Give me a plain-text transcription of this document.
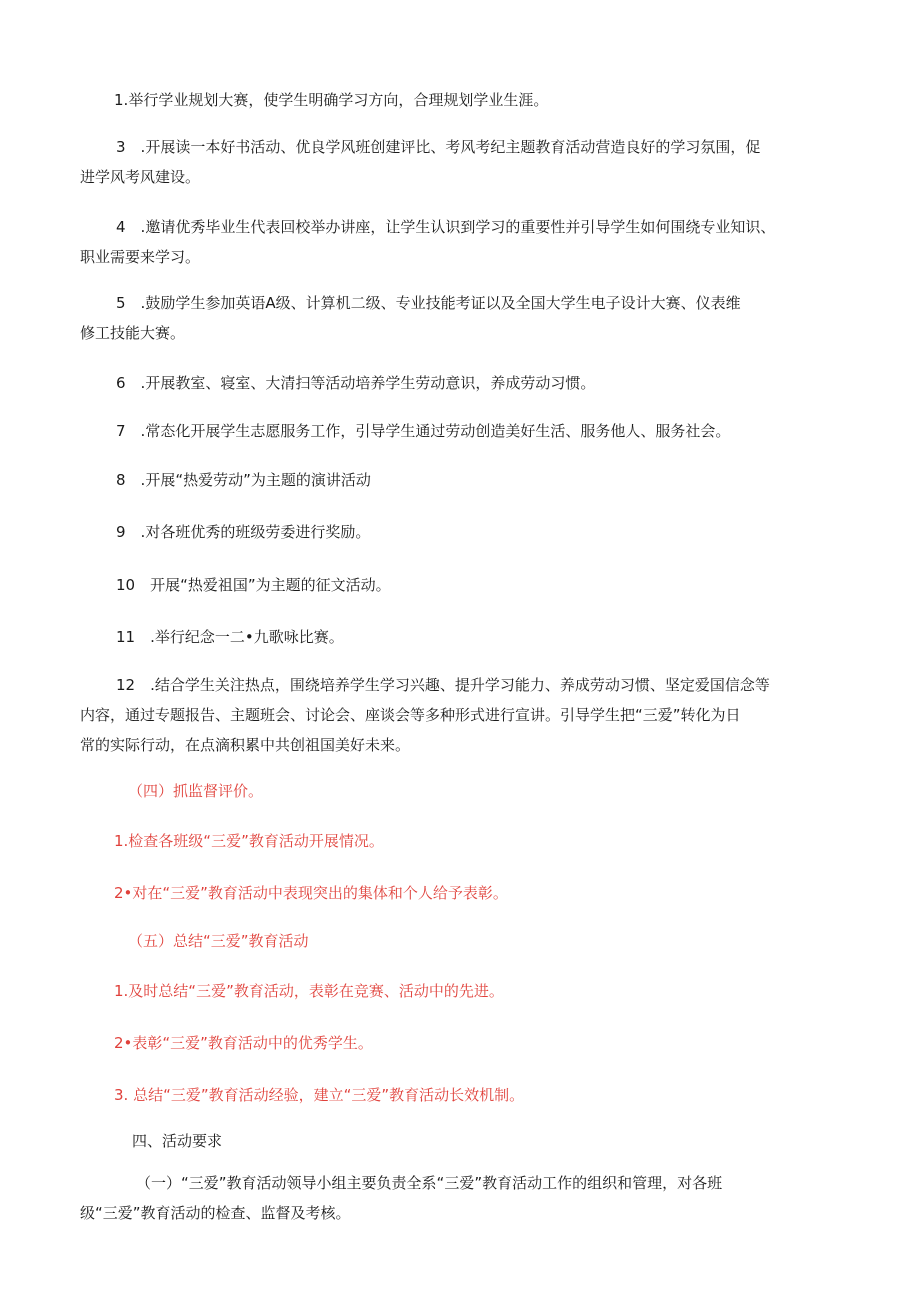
1.举行学业规划大赛，使学生明确学习方向，合理规划学业生涯。

3　.开展读一本好书活动、优良学风班创建评比、考风考纪主题教育活动营造良好的学习氛围，促
进学风考风建设。

4　.邀请优秀毕业生代表回校举办讲座，让学生认识到学习的重要性并引导学生如何围绕专业知识、
职业需要来学习。

5　.鼓励学生参加英语A级、计算机二级、专业技能考证以及全国大学生电子设计大赛、仪表维
修工技能大赛。

6　.开展教室、寝室、大清扫等活动培养学生劳动意识，养成劳动习惯。

7　.常态化开展学生志愿服务工作，引导学生通过劳动创造美好生活、服务他人、服务社会。

8　.开展“热爱劳动”为主题的演讲活动

9　.对各班优秀的班级劳委进行奖励。

10　开展“热爱祖国”为主题的征文活动。

11　.举行纪念一二•九歌咏比赛。

12　.结合学生关注热点，围绕培养学生学习兴趣、提升学习能力、养成劳动习惯、坚定爱国信念等
内容，通过专题报告、主题班会、讨论会、座谈会等多种形式进行宣讲。引导学生把“三爱”转化为日
常的实际行动，在点滴积累中共创祖国美好未来。

（四）抓监督评价。

1.检查各班级“三爱”教育活动开展情况。

2•对在“三爱”教育活动中表现突出的集体和个人给予表彰。

（五）总结“三爱”教育活动

1.及时总结“三爱”教育活动，表彰在竞赛、活动中的先进。

2•表彰“三爱”教育活动中的优秀学生。

3. 总结“三爱”教育活动经验，建立“三爱”教育活动长效机制。

四、活动要求

（一）“三爱”教育活动领导小组主要负责全系“三爱”教育活动工作的组织和管理，对各班
级“三爱”教育活动的检查、监督及考核。
